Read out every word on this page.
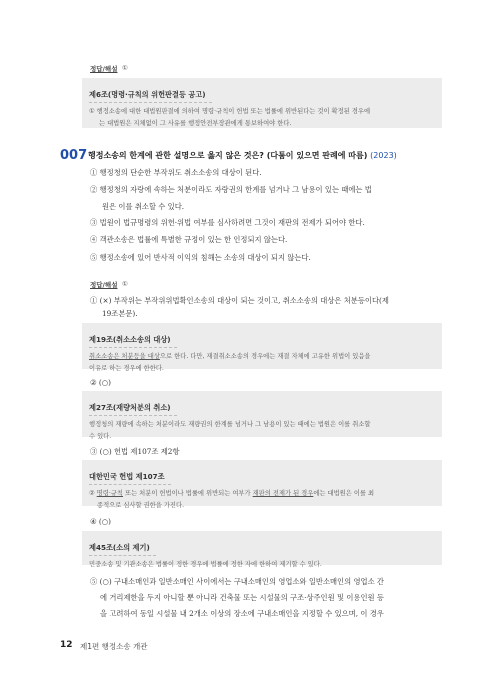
정답/해설 ①
제6조(명령·규칙의 위헌판결등 공고)
① 행정소송에 대한 대법원판결에 의하여 명령·규칙이 헌법 또는 법률에 위반된다는 것이 확정된 경우에
는 대법원은 지체없이 그 사유를 행정안전부장관에게 통보하여야 한다.
007 행정소송의 한계에 관한 설명으로 옳지 않은 것은? (다툼이 있으면 판례에 따름) (2023)
① 행정청의 단순한 부작위도 취소소송의 대상이 된다.
② 행정청의 자랑에 속하는 처분이라도 자랑권의 한계를 넘거나 그 남용이 있는 때에는 법
원은 이를 취소할 수 있다.
③ 법원이 법규명령의 위헌·위법 여부를 심사하려면 그것이 재판의 전제가 되어야 한다.
④ 객관소송은 법률에 특별한 규정이 있는 한 인정되지 않는다.
⑤ 행정소송에 있어 반사적 이익의 침해는 소송의 대상이 되지 않는다.
정답/해설 ①
① (×) 부작위는 부작위위법확인소송의 대상이 되는 것이고, 취소소송의 대상은 처분등이다(제
19조본문).
제19조(취소소송의 대상)
취소소송은 처분등을 대상으로 한다. 다만, 재결취소소송의 경우에는 재결 자체에 고유한 위법이 있음을
이유로 하는 경우에 한한다.
② (○)
제27조(재량처분의 취소)
행정청의 재량에 속하는 처분이라도 재량권의 한계를 넘거나 그 남용이 있는 때에는 법원은 이를 취소할
수 있다.
③ (○) 헌법 제107조 제2항
대한민국 헌법 제107조
② 명령·규칙 또는 처분이 헌법이나 법률에 위반되는 여부가 재판의 전제가 된 경우에는 대법원은 이를 최
종적으로 심사할 권한을 가진다.
④ (○)
제45조(소의 제기)
민중소송 및 기관소송은 법률이 정한 경우에 법률에 정한 자에 한하여 제기할 수 있다.
⑤ (○) 구내소매인과 일반소매인 사이에서는 구내소매인의 영업소와 일반소매인의 영업소 간
에 거리제한을 두지 아니할 뿐 아니라 건축물 또는 시설물의 구조·상주인원 및 이용인원 등
을 고려하여 동일 시설물 내 2개소 이상의 장소에 구내소매인을 지정할 수 있으며, 이 경우
12 제1편 행정소송 개관
